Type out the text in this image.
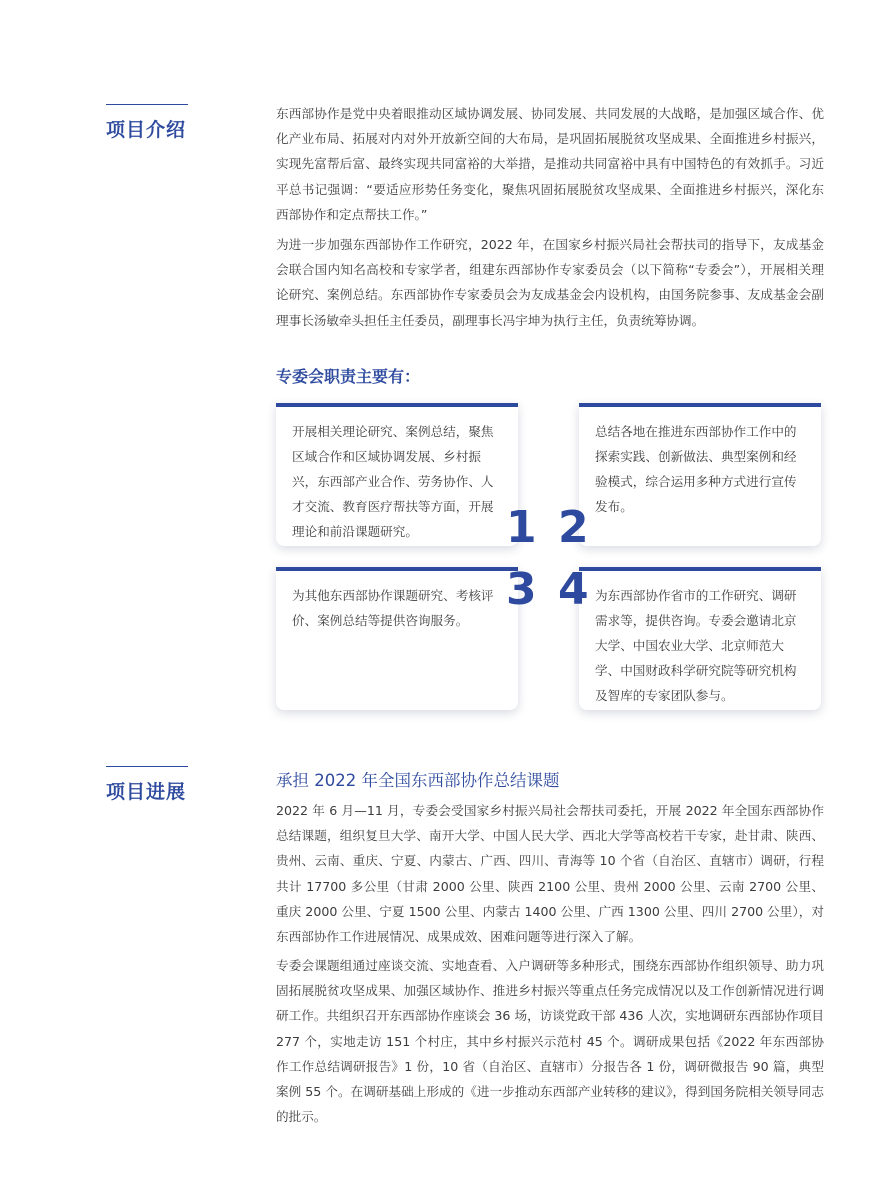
项目介绍
东西部协作是党中央着眼推动区域协调发展、协同发展、共同发展的大战略，是加强区域合作、优化产业布局、拓展对内对外开放新空间的大布局，是巩固拓展脱贫攻坚成果、全面推进乡村振兴，实现先富帮后富、最终实现共同富裕的大举措，是推动共同富裕中具有中国特色的有效抓手。习近平总书记强调：“要适应形势任务变化，聚焦巩固拓展脱贫攻坚成果、全面推进乡村振兴，深化东西部协作和定点帮扶工作。”
为进一步加强东西部协作工作研究，2022 年，在国家乡村振兴局社会帮扶司的指导下，友成基金会联合国内知名高校和专家学者，组建东西部协作专家委员会（以下简称“专委会”），开展相关理论研究、案例总结。东西部协作专家委员会为友成基金会内设机构，由国务院参事、友成基金会副理事长汤敏牵头担任主任委员，副理事长冯宇坤为执行主任，负责统筹协调。
专委会职责主要有：
开展相关理论研究、案例总结，聚焦区域合作和区域协调发展、乡村振兴，东西部产业合作、劳务协作、人才交流、教育医疗帮扶等方面，开展理论和前沿课题研究。
总结各地在推进东西部协作工作中的探索实践、创新做法、典型案例和经验模式，综合运用多种方式进行宣传发布。
为其他东西部协作课题研究、考核评价、案例总结等提供咨询服务。
为东西部协作省市的工作研究、调研需求等，提供咨询。专委会邀请北京大学、中国农业大学、北京师范大学、中国财政科学研究院等研究机构及智库的专家团队参与。
1 2
3 4
项目进展
承担 2022 年全国东西部协作总结课题
2022 年 6 月—11 月，专委会受国家乡村振兴局社会帮扶司委托，开展 2022 年全国东西部协作总结课题，组织复旦大学、南开大学、中国人民大学、西北大学等高校若干专家，赴甘肃、陕西、贵州、云南、重庆、宁夏、内蒙古、广西、四川、青海等 10 个省（自治区、直辖市）调研，行程共计 17700 多公里（甘肃 2000 公里、陕西 2100 公里、贵州 2000 公里、云南 2700 公里、重庆 2000 公里、宁夏 1500 公里、内蒙古 1400 公里、广西 1300 公里、四川 2700 公里），对东西部协作工作进展情况、成果成效、困难问题等进行深入了解。
专委会课题组通过座谈交流、实地查看、入户调研等多种形式，围绕东西部协作组织领导、助力巩固拓展脱贫攻坚成果、加强区域协作、推进乡村振兴等重点任务完成情况以及工作创新情况进行调研工作。共组织召开东西部协作座谈会 36 场，访谈党政干部 436 人次，实地调研东西部协作项目 277 个，实地走访 151 个村庄，其中乡村振兴示范村 45 个。调研成果包括《2022 年东西部协作工作总结调研报告》1 份，10 省（自治区、直辖市）分报告各 1 份，调研微报告 90 篇，典型案例 55 个。在调研基础上形成的《进一步推动东西部产业转移的建议》，得到国务院相关领导同志的批示。
